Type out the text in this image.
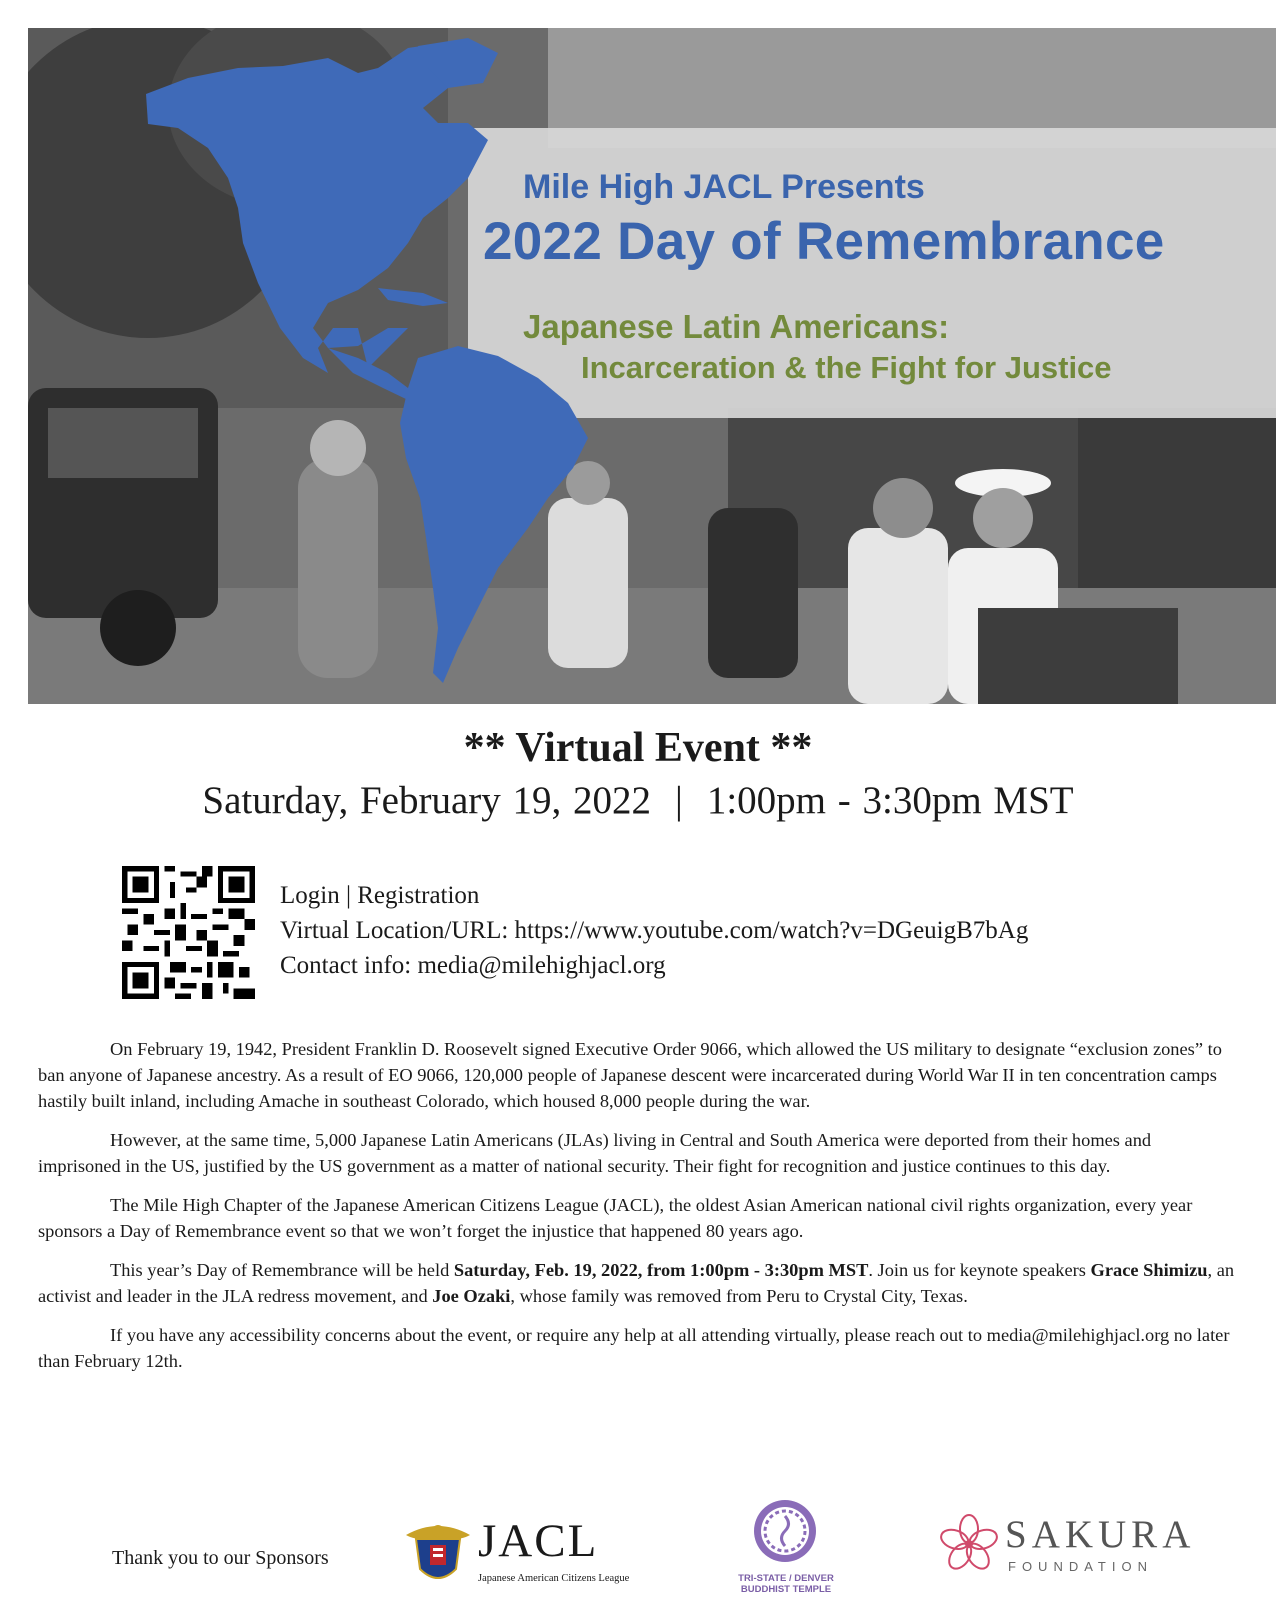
Mile High JACL Presents
2022 Day of Remembrance
Japanese Latin Americans:
Incarceration & the Fight for Justice
** Virtual Event **
Saturday, February 19, 2022 | 1:00pm - 3:30pm MST
Login | Registration
Virtual Location/URL: https://www.youtube.com/watch?v=DGeuigB7bAg
Contact info: media@milehighjacl.org

On February 19, 1942, President Franklin D. Roosevelt signed Executive Order 9066, which allowed the US military to designate “exclusion zones” to ban anyone of Japanese ancestry. As a result of EO 9066, 120,000 people of Japanese descent were incarcerated during World War II in ten concentration camps hastily built inland, including Amache in southeast Colorado, which housed 8,000 people during the war.

However, at the same time, 5,000 Japanese Latin Americans (JLAs) living in Central and South America were deported from their homes and imprisoned in the US, justified by the US government as a matter of national security. Their fight for recognition and justice continues to this day.

The Mile High Chapter of the Japanese American Citizens League (JACL), the oldest Asian American national civil rights organization, every year sponsors a Day of Remembrance event so that we won’t forget the injustice that happened 80 years ago.

This year’s Day of Remembrance will be held Saturday, Feb. 19, 2022, from 1:00pm - 3:30pm MST. Join us for keynote speakers Grace Shimizu, an activist and leader in the JLA redress movement, and Joe Ozaki, whose family was removed from Peru to Crystal City, Texas.

If you have any accessibility concerns about the event, or require any help at all attending virtually, please reach out to media@milehighjacl.org no later than February 12th.

Thank you to our Sponsors	JACL
Japanese American Citizens League	TRI-STATE / DENVER
BUDDHIST TEMPLE
SAKURA
FOUNDATION
